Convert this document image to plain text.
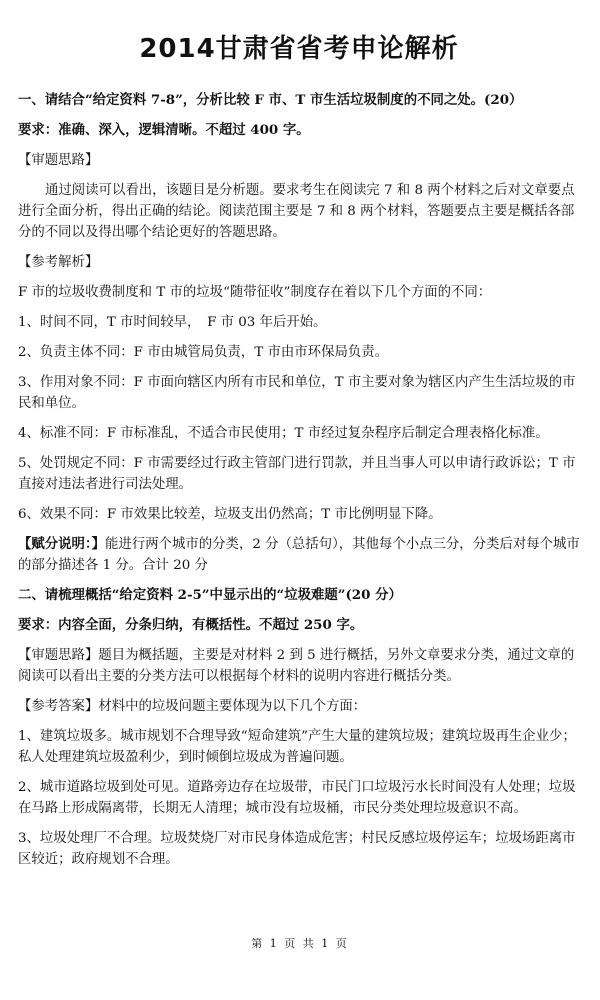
2014甘肃省省考申论解析

一、请结合“给定资料 7-8”，分析比较 F 市、T 市生活垃圾制度的不同之处。(20）

要求：准确、深入，逻辑清晰。不超过 400 字。

【审题思路】

通过阅读可以看出，该题目是分析题。要求考生在阅读完 7 和 8 两个材料之后对文章要点进行全面分析，得出正确的结论。阅读范围主要是 7 和 8 两个材料，答题要点主要是概括各部分的不同以及得出哪个结论更好的答题思路。

【参考解析】

F 市的垃圾收费制度和 T 市的垃圾“随带征收”制度存在着以下几个方面的不同：

1、时间不同，T 市时间较早，　F 市 03 年后开始。

2、负责主体不同：F 市由城管局负责，T 市由市环保局负责。

3、作用对象不同：F 市面向辖区内所有市民和单位，T 市主要对象为辖区内产生生活垃圾的市民和单位。

4、标准不同：F 市标准乱，不适合市民使用；T 市经过复杂程序后制定合理表格化标准。

5、处罚规定不同：F 市需要经过行政主管部门进行罚款，并且当事人可以申请行政诉讼；T 市直接对违法者进行司法处理。

6、效果不同：F 市效果比较差，垃圾支出仍然高；T 市比例明显下降。

【赋分说明：】能进行两个城市的分类，2 分（总括句），其他每个小点三分，分类后对每个城市的部分描述各 1 分。合计 20 分

二、请梳理概括“给定资料 2-5”中显示出的“垃圾难题”(20 分）

要求：内容全面，分条归纳，有概括性。不超过 250 字。

【审题思路】题目为概括题，主要是对材料 2 到 5 进行概括，另外文章要求分类，通过文章的阅读可以看出主要的分类方法可以根据每个材料的说明内容进行概括分类。

【参考答案】材料中的垃圾问题主要体现为以下几个方面：

1、建筑垃圾多。城市规划不合理导致“短命建筑”产生大量的建筑垃圾；建筑垃圾再生企业少；私人处理建筑垃圾盈利少，到时倾倒垃圾成为普遍问题。

2、城市道路垃圾到处可见。道路旁边存在垃圾带，市民门口垃圾污水长时间没有人处理；垃圾在马路上形成隔离带，长期无人清理；城市没有垃圾桶，市民分类处理垃圾意识不高。

3、垃圾处理厂不合理。垃圾焚烧厂对市民身体造成危害；村民反感垃圾停运车；垃圾场距离市区较近；政府规划不合理。

第 1 页 共 1 页
